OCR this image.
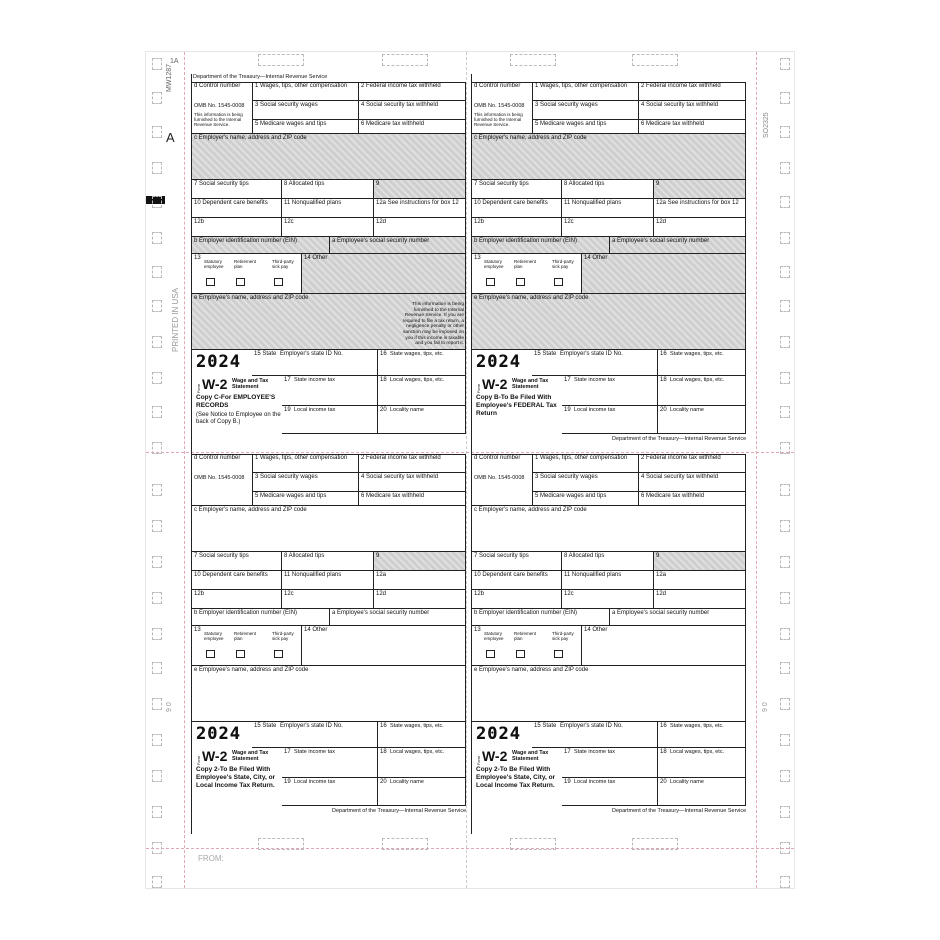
1A
MW1287
A
PRINTED IN USA
9 0
SO2325
9 0
FROM:
Department of the Treasury—Internal Revenue Service
d Control number
OMB No. 1545-0008
This information is being furnished to the Internal Revenue Service.
1 Wages, tips, other compensation	2 Federal income tax withheld
3 Social security wages	4 Social security tax withheld
5 Medicare wages and tips	6 Medicare tax withheld
c Employer's name, address and ZIP code
7 Social security tips	8 Allocated tips	9
10 Dependent care benefits	11 Nonqualified plans	12a See instructions for box 12
12b	12c	12d
b Employer identification number (EIN)	a Employee's social security number
13
Statutory employee
Retirement plan
Third-party sick pay
14 Other
e Employee's name, address and ZIP code
This information is being furnished to the Internal Revenue Service. If you are required to file a tax return, a negligence penalty or other sanction may be imposed on you if this income is taxable and you fail to report it.
15 State Employer's state ID No.	16 State wages, tips, etc.
17 State income tax	18 Local wages, tips, etc.
19 Local income tax	20 Locality name
2024
Form W-2 Wage and Tax Statement
Copy C-For EMPLOYEE'S RECORDS
(See Notice to Employee on the back of Copy B.)
d Control number
OMB No. 1545-0008
This information is being furnished to the Internal Revenue Service.
1 Wages, tips, other compensation	2 Federal income tax withheld
3 Social security wages	4 Social security tax withheld
5 Medicare wages and tips	6 Medicare tax withheld
c Employer's name, address and ZIP code
7 Social security tips	8 Allocated tips	9
10 Dependent care benefits	11 Nonqualified plans	12a See instructions for box 12
12b	12c	12d
b Employer identification number (EIN)	a Employee's social security number
13
Statutory employee
Retirement plan
Third-party sick pay
14 Other
e Employee's name, address and ZIP code
15 State Employer's state ID No.	16 State wages, tips, etc.
17 State income tax	18 Local wages, tips, etc.
19 Local income tax	20 Locality name
2024
Form W-2 Wage and Tax Statement
Copy B-To Be Filed With Employee's FEDERAL Tax Return
Department of the Treasury—Internal Revenue Service
d Control number
OMB No. 1545-0008
1 Wages, tips, other compensation	2 Federal income tax withheld
3 Social security wages	4 Social security tax withheld
5 Medicare wages and tips	6 Medicare tax withheld
c Employer's name, address and ZIP code
7 Social security tips	8 Allocated tips	9
10 Dependent care benefits	11 Nonqualified plans	12a
12b	12c	12d
b Employer identification number (EIN)	a Employee's social security number
13
Statutory employee
Retirement plan
Third-party sick pay
14 Other
e Employee's name, address and ZIP code
15 State Employer's state ID No.	16 State wages, tips, etc.
17 State income tax	18 Local wages, tips, etc.
19 Local income tax	20 Locality name
2024
Form W-2 Wage and Tax Statement
Copy 2-To Be Filed With Employee's State, City, or Local Income Tax Return.
Department of the Treasury—Internal Revenue Service
d Control number
OMB No. 1545-0008
1 Wages, tips, other compensation	2 Federal income tax withheld
3 Social security wages	4 Social security tax withheld
5 Medicare wages and tips	6 Medicare tax withheld
c Employer's name, address and ZIP code
7 Social security tips	8 Allocated tips	9
10 Dependent care benefits	11 Nonqualified plans	12a
12b	12c	12d
b Employer identification number (EIN)	a Employee's social security number
13
Statutory employee
Retirement plan
Third-party sick pay
14 Other
e Employee's name, address and ZIP code
15 State Employer's state ID No.	16 State wages, tips, etc.
17 State income tax	18 Local wages, tips, etc.
19 Local income tax	20 Locality name
2024
Form W-2 Wage and Tax Statement
Copy 2-To Be Filed With Employee's State, City, or Local Income Tax Return.
Department of the Treasury—Internal Revenue Service
